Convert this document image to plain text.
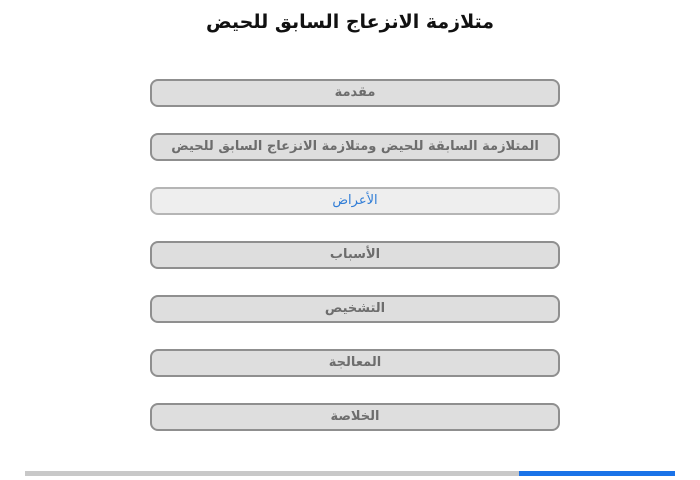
متلازمة الانزعاج السابق للحيض
مقدمة
المتلازمة السابقة للحيض ومتلازمة الانزعاج السابق للحيض
الأعراض
الأسباب
التشخيص
المعالجة
الخلاصة
